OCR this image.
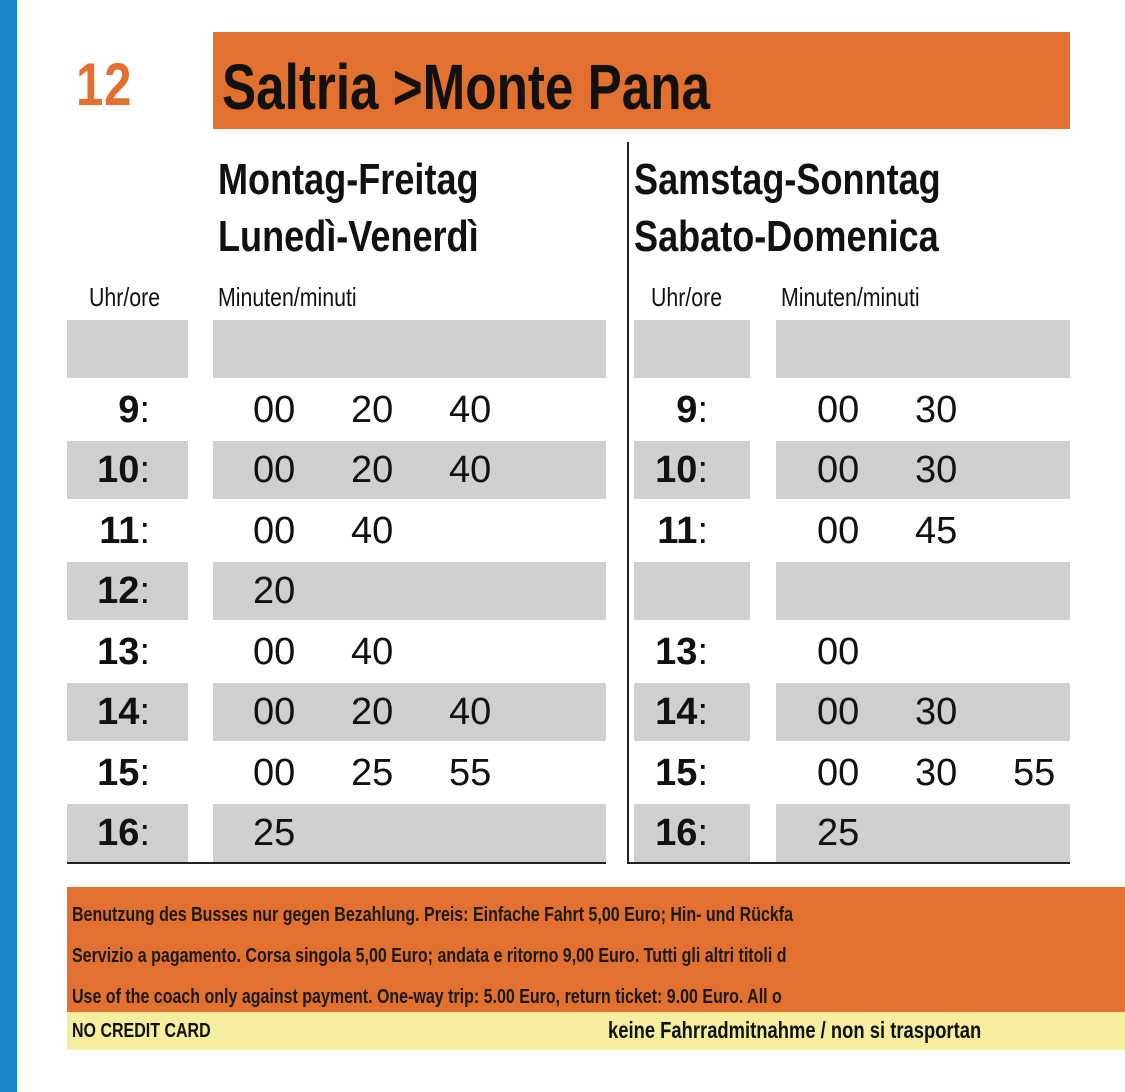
12 Saltria >Monte Pana
Montag-Freitag
Lunedì-Venerdì
Uhr/ore Minuten/minuti
Samstag-Sonntag
Sabato-Domenica
Uhr/ore Minuten/minuti
9:	00	20	40
10:	00	20	40
11:	00	40
12:	20
13:	00	40
14:	00	20	40
15:	00	25	55
16:	25
9:	00	30
10:	00	30
11:	00	45
13:	00
14:	00	30
15:	00	30	55
16:	25
Benutzung des Busses nur gegen Bezahlung. Preis: Einfache Fahrt 5,00 Euro; Hin- und Rückfa
Servizio a pagamento. Corsa singola 5,00 Euro; andata e ritorno 9,00 Euro. Tutti gli altri titoli d
Use of the coach only against payment. One-way trip: 5.00 Euro, return ticket: 9.00 Euro. All o
NO CREDIT CARD	keine Fahrradmitnahme / non si trasportan
